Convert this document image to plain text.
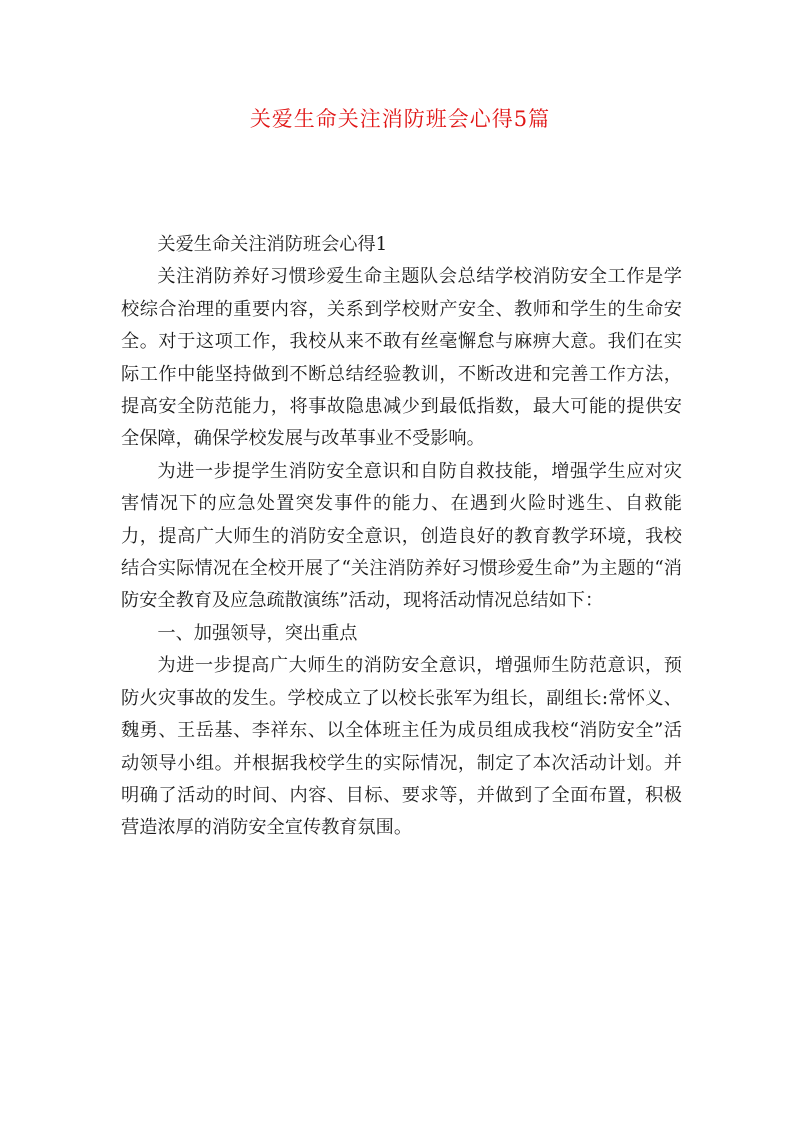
关爱生命关注消防班会心得5篇

关爱生命关注消防班会心得1

关注消防养好习惯珍爱生命主题队会总结学校消防安全工作是学校综合治理的重要内容，关系到学校财产安全、教师和学生的生命安全。对于这项工作，我校从来不敢有丝毫懈怠与麻痹大意。我们在实际工作中能坚持做到不断总结经验教训，不断改进和完善工作方法，提高安全防范能力，将事故隐患减少到最低指数，最大可能的提供安全保障，确保学校发展与改革事业不受影响。

为进一步提学生消防安全意识和自防自救技能，增强学生应对灾害情况下的应急处置突发事件的能力、在遇到火险时逃生、自救能力，提高广大师生的消防安全意识，创造良好的教育教学环境，我校结合实际情况在全校开展了“关注消防养好习惯珍爱生命”为主题的“消防安全教育及应急疏散演练”活动，现将活动情况总结如下：

一、加强领导，突出重点

为进一步提高广大师生的消防安全意识，增强师生防范意识，预防火灾事故的发生。学校成立了以校长张军为组长，副组长:常怀义、魏勇、王岳基、李祥东、以全体班主任为成员组成我校“消防安全”活动领导小组。并根据我校学生的实际情况，制定了本次活动计划。并明确了活动的时间、内容、目标、要求等，并做到了全面布置，积极营造浓厚的消防安全宣传教育氛围。
